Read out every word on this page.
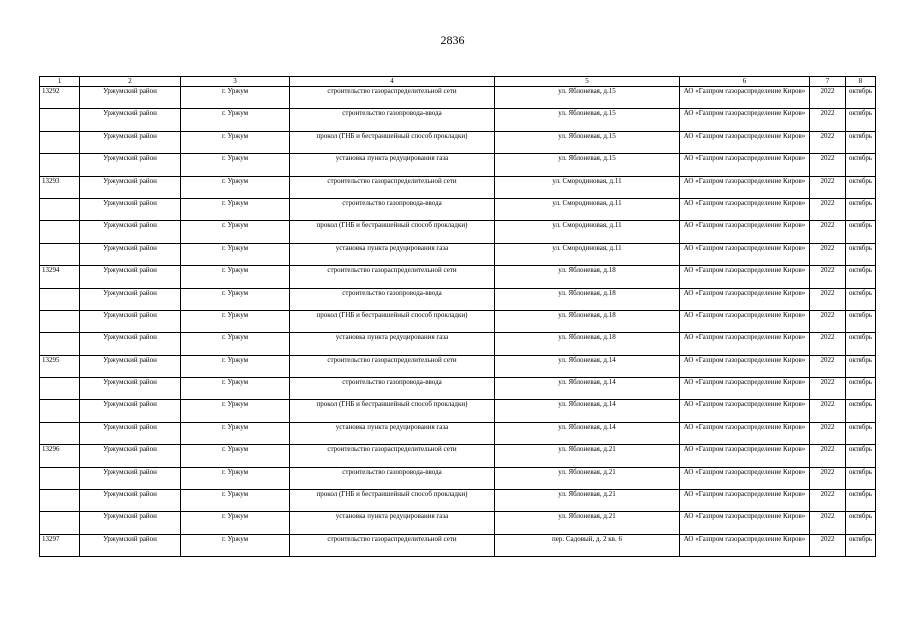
2836
1	2	3	4	5	6	7	8
13292	Уржумский район	г. Уржум	строительство газораспределительной сети	ул. Яблоневая, д.15	АО «Газпром газораспределение Киров»	2022	октябрь
	Уржумский район	г. Уржум	строительство газопровода-ввода	ул. Яблоневая, д.15	АО «Газпром газораспределение Киров»	2022	октябрь
	Уржумский район	г. Уржум	прокол (ГНБ и бестраншейный способ прокладки)	ул. Яблоневая, д.15	АО «Газпром газораспределение Киров»	2022	октябрь
	Уржумский район	г. Уржум	установка пункта редуцирования газа	ул. Яблоневая, д.15	АО «Газпром газораспределение Киров»	2022	октябрь
13293	Уржумский район	г. Уржум	строительство газораспределительной сети	ул. Смородиновая, д.11	АО «Газпром газораспределение Киров»	2022	октябрь
	Уржумский район	г. Уржум	строительство газопровода-ввода	ул. Смородиновая, д.11	АО «Газпром газораспределение Киров»	2022	октябрь
	Уржумский район	г. Уржум	прокол (ГНБ и бестраншейный способ прокладки)	ул. Смородиновая, д.11	АО «Газпром газораспределение Киров»	2022	октябрь
	Уржумский район	г. Уржум	установка пункта редуцирования газа	ул. Смородиновая, д.11	АО «Газпром газораспределение Киров»	2022	октябрь
13294	Уржумский район	г. Уржум	строительство газораспределительной сети	ул. Яблоневая, д.18	АО «Газпром газораспределение Киров»	2022	октябрь
	Уржумский район	г. Уржум	строительство газопровода-ввода	ул. Яблоневая, д.18	АО «Газпром газораспределение Киров»	2022	октябрь
	Уржумский район	г. Уржум	прокол (ГНБ и бестраншейный способ прокладки)	ул. Яблоневая, д.18	АО «Газпром газораспределение Киров»	2022	октябрь
	Уржумский район	г. Уржум	установка пункта редуцирования газа	ул. Яблоневая, д.18	АО «Газпром газораспределение Киров»	2022	октябрь
13295	Уржумский район	г. Уржум	строительство газораспределительной сети	ул. Яблоневая, д.14	АО «Газпром газораспределение Киров»	2022	октябрь
	Уржумский район	г. Уржум	строительство газопровода-ввода	ул. Яблоневая, д.14	АО «Газпром газораспределение Киров»	2022	октябрь
	Уржумский район	г. Уржум	прокол (ГНБ и бестраншейный способ прокладки)	ул. Яблоневая, д.14	АО «Газпром газораспределение Киров»	2022	октябрь
	Уржумский район	г. Уржум	установка пункта редуцирования газа	ул. Яблоневая, д.14	АО «Газпром газораспределение Киров»	2022	октябрь
13296	Уржумский район	г. Уржум	строительство газораспределительной сети	ул. Яблоневая, д.21	АО «Газпром газораспределение Киров»	2022	октябрь
	Уржумский район	г. Уржум	строительство газопровода-ввода	ул. Яблоневая, д.21	АО «Газпром газораспределение Киров»	2022	октябрь
	Уржумский район	г. Уржум	прокол (ГНБ и бестраншейный способ прокладки)	ул. Яблоневая, д.21	АО «Газпром газораспределение Киров»	2022	октябрь
	Уржумский район	г. Уржум	установка пункта редуцирования газа	ул. Яблоневая, д.21	АО «Газпром газораспределение Киров»	2022	октябрь
13297	Уржумский район	г. Уржум	строительство газораспределительной сети	пер. Садовый, д. 2 кв. 6	АО «Газпром газораспределение Киров»	2022	октябрь
